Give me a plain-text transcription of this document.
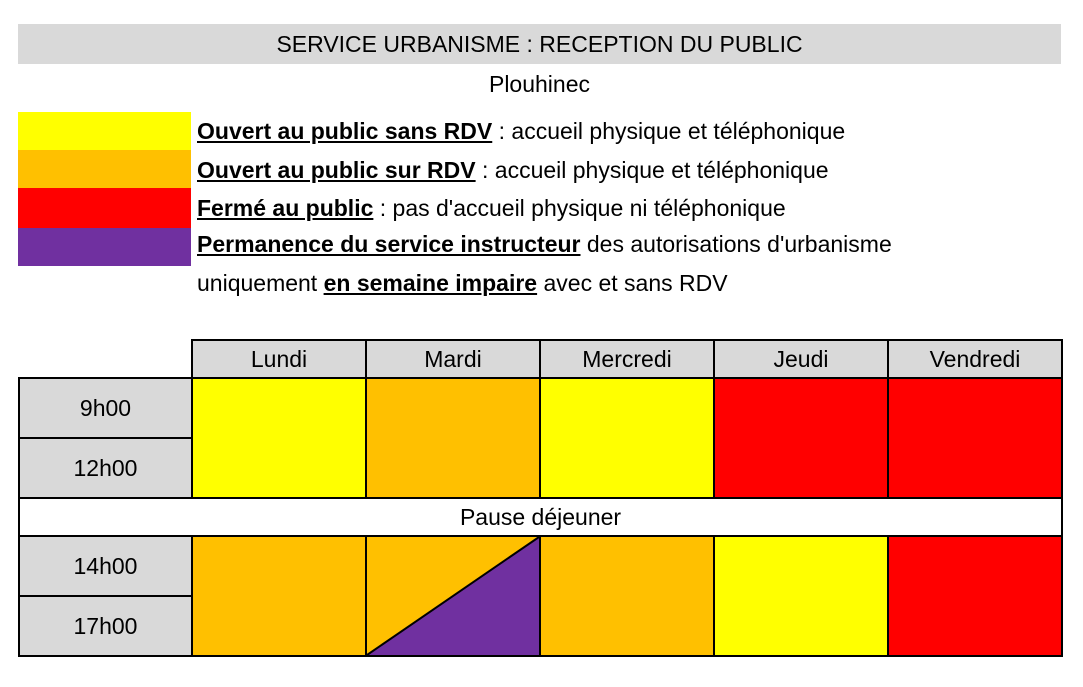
SERVICE URBANISME : RECEPTION DU PUBLIC
Plouhinec
Ouvert au public sans RDV : accueil physique et téléphonique
Ouvert au public sur RDV : accueil physique et téléphonique
Fermé au public : pas d'accueil physique ni téléphonique
Permanence du service instructeur des autorisations d'urbanisme
uniquement en semaine impaire avec et sans RDV
	Lundi	Mardi	Mercredi	Jeudi	Vendredi
9h00					
12h00					
Pause déjeuner					
14h00		

17h00					
